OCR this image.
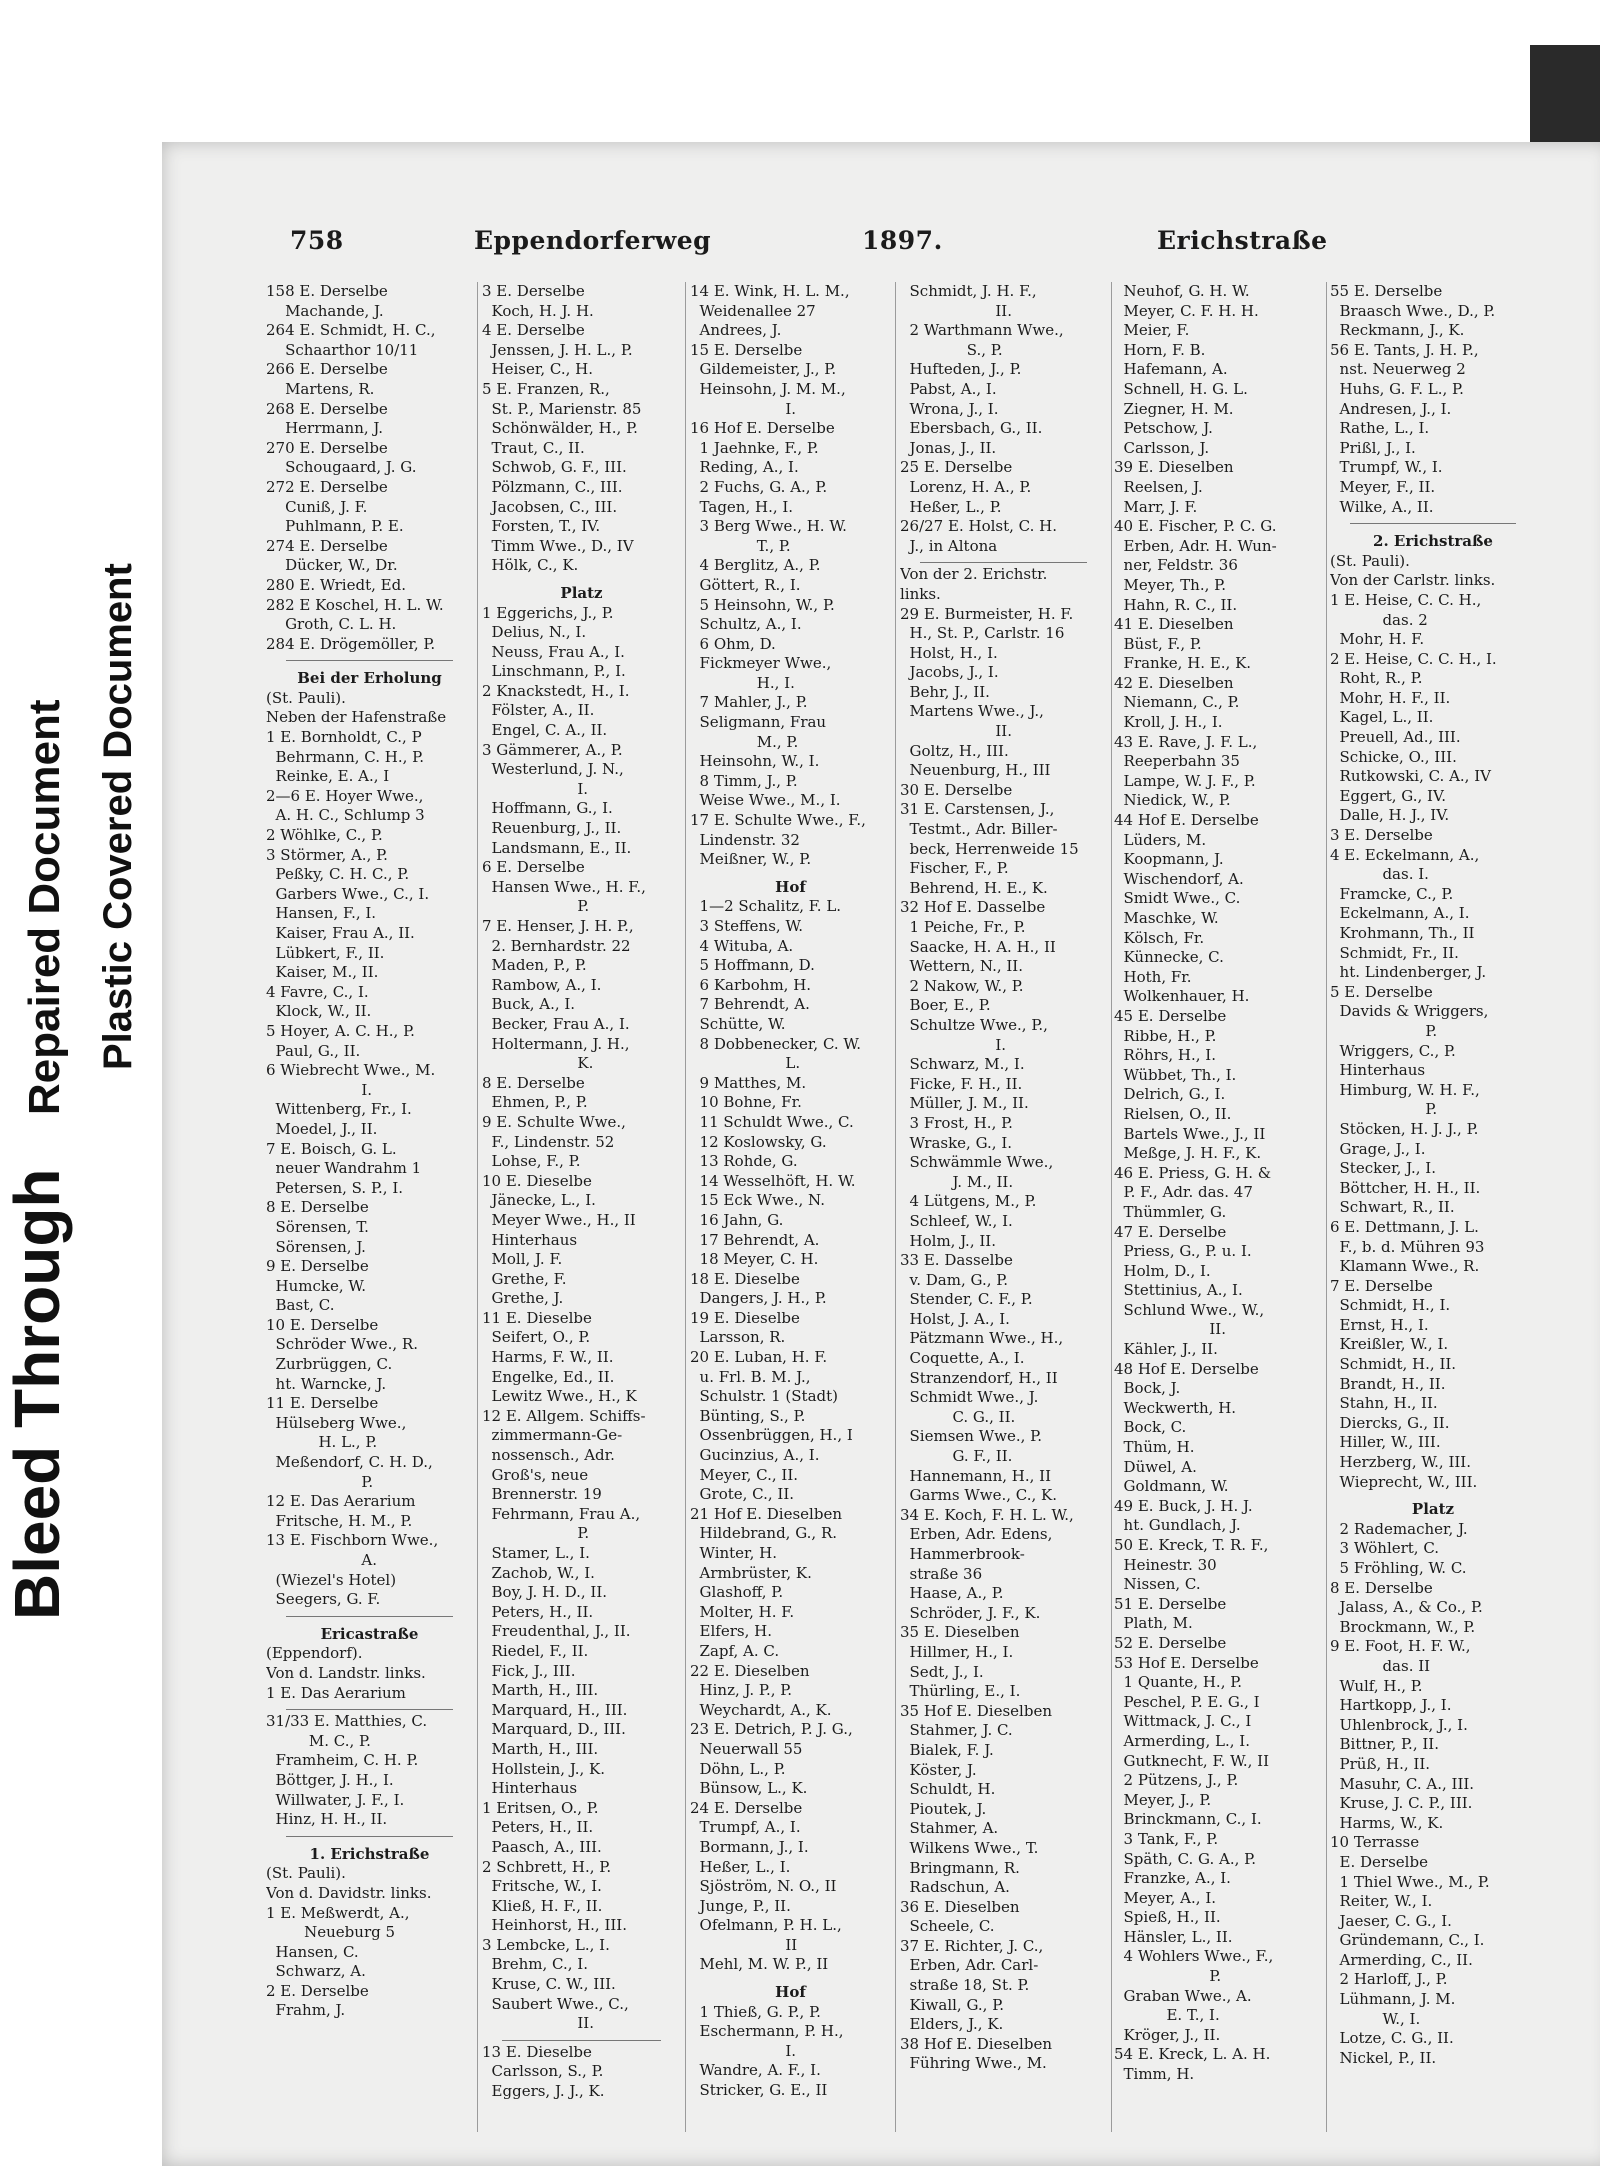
Bleed Through   Repaired Document Plastic Covered Document
758	Eppendorferweg	1897.	Erichstraße
158 E. Derselbe
Machande, J.
264 E. Schmidt, H. C.,
Schaarthor 10/11
266 E. Derselbe
Martens, R.
268 E. Derselbe
Herrmann, J.
270 E. Derselbe
Schougaard, J. G.
272 E. Derselbe
Cuniß, J. F.
Puhlmann, P. E.
274 E. Derselbe
Dücker, W., Dr.
280 E. Wriedt, Ed.
282 E Koschel, H. L. W.
Groth, C. L. H.
284 E. Drögemöller, P.
Bei der Erholung
(St. Pauli).
Neben der Hafenstraße
1 E. Bornholdt, C., P
Behrmann, C. H., P.
Reinke, E. A., I
2—6 E. Hoyer Wwe.,
A. H. C., Schlump 3
2 Wöhlke, C., P.
3 Störmer, A., P.
Peßky, C. H. C., P.
Garbers Wwe., C., I.
Hansen, F., I.
Kaiser, Frau A., II.
Lübkert, F., II.
Kaiser, M., II.
4 Favre, C., I.
Klock, W., II.
5 Hoyer, A. C. H., P.
Paul, G., II.
6 Wiebrecht Wwe., M.
I.
Wittenberg, Fr., I.
Moedel, J., II.
7 E. Boisch, G. L.
neuer Wandrahm 1
Petersen, S. P., I.
8 E. Derselbe
Sörensen, T.
Sörensen, J.
9 E. Derselbe
Humcke, W.
Bast, C.
10 E. Derselbe
Schröder Wwe., R.
Zurbrüggen, C.
ht. Warncke, J.
11 E. Derselbe
Hülseberg Wwe.,
H. L., P.
Meßendorf, C. H. D.,
P.
12 E. Das Aerarium
Fritsche, H. M., P.
13 E. Fischborn Wwe.,
A.
(Wiezel's Hotel)
Seegers, G. F.
Ericastraße
(Eppendorf).
Von d. Landstr. links.
1 E. Das Aerarium
31/33 E. Matthies, C.
M. C., P.
Framheim, C. H. P.
Böttger, J. H., I.
Willwater, J. F., I.
Hinz, H. H., II.
1. Erichstraße
(St. Pauli).
Von d. Davidstr. links.
1 E. Meßwerdt, A.,
Neueburg 5
Hansen, C.
Schwarz, A.
2 E. Derselbe
Frahm, J.
3 E. Derselbe
Koch, H. J. H.
4 E. Derselbe
Jenssen, J. H. L., P.
Heiser, C., H.
5 E. Franzen, R.,
St. P., Marienstr. 85
Schönwälder, H., P.
Traut, C., II.
Schwob, G. F., III.
Pölzmann, C., III.
Jacobsen, C., III.
Forsten, T., IV.
Timm Wwe., D., IV
Hölk, C., K.
Platz
1 Eggerichs, J., P.
Delius, N., I.
Neuss, Frau A., I.
Linschmann, P., I.
2 Knackstedt, H., I.
Fölster, A., II.
Engel, C. A., II.
3 Gämmerer, A., P.
Westerlund, J. N.,
I.
Hoffmann, G., I.
Reuenburg, J., II.
Landsmann, E., II.
6 E. Derselbe
Hansen Wwe., H. F.,
P.
7 E. Henser, J. H. P.,
2. Bernhardstr. 22
Maden, P., P.
Rambow, A., I.
Buck, A., I.
Becker, Frau A., I.
Holtermann, J. H.,
K.
8 E. Derselbe
Ehmen, P., P.
9 E. Schulte Wwe.,
F., Lindenstr. 52
Lohse, F., P.
10 E. Dieselbe
Jänecke, L., I.
Meyer Wwe., H., II
Hinterhaus
Moll, J. F.
Grethe, F.
Grethe, J.
11 E. Dieselbe
Seifert, O., P.
Harms, F. W., II.
Engelke, Ed., II.
Lewitz Wwe., H., K
12 E. Allgem. Schiffs-
zimmermann-Ge-
nossensch., Adr.
Groß's, neue
Brennerstr. 19
Fehrmann, Frau A.,
P.
Stamer, L., I.
Zachob, W., I.
Boy, J. H. D., II.
Peters, H., II.
Freudenthal, J., II.
Riedel, F., II.
Fick, J., III.
Marth, H., III.
Marquard, H., III.
Marquard, D., III.
Marth, H., III.
Hollstein, J., K.
Hinterhaus
1 Eritsen, O., P.
Peters, H., II.
Paasch, A., III.
2 Schbrett, H., P.
Fritsche, W., I.
Kließ, H. F., II.
Heinhorst, H., III.
3 Lembcke, L., I.
Brehm, C., I.
Kruse, C. W., III.
Saubert Wwe., C.,
II.
13 E. Dieselbe
Carlsson, S., P.
Eggers, J. J., K.
14 E. Wink, H. L. M.,
Weidenallee 27
Andrees, J.
15 E. Derselbe
Gildemeister, J., P.
Heinsohn, J. M. M.,
I.
16 Hof E. Derselbe
1 Jaehnke, F., P.
Reding, A., I.
2 Fuchs, G. A., P.
Tagen, H., I.
3 Berg Wwe., H. W.
T., P.
4 Berglitz, A., P.
Göttert, R., I.
5 Heinsohn, W., P.
Schultz, A., I.
6 Ohm, D.
Fickmeyer Wwe.,
H., I.
7 Mahler, J., P.
Seligmann, Frau
M., P.
Heinsohn, W., I.
8 Timm, J., P.
Weise Wwe., M., I.
17 E. Schulte Wwe., F.,
Lindenstr. 32
Meißner, W., P.
Hof
1—2 Schalitz, F. L.
3 Steffens, W.
4 Wituba, A.
5 Hoffmann, D.
6 Karbohm, H.
7 Behrendt, A.
Schütte, W.
8 Dobbenecker, C. W.
L.
9 Matthes, M.
10 Bohne, Fr.
11 Schuldt Wwe., C.
12 Koslowsky, G.
13 Rohde, G.
14 Wesselhöft, H. W.
15 Eck Wwe., N.
16 Jahn, G.
17 Behrendt, A.
18 Meyer, C. H.
18 E. Dieselbe
Dangers, J. H., P.
19 E. Dieselbe
Larsson, R.
20 E. Luban, H. F.
u. Frl. B. M. J.,
Schulstr. 1 (Stadt)
Bünting, S., P.
Ossenbrüggen, H., I
Gucinzius, A., I.
Meyer, C., II.
Grote, C., II.
21 Hof E. Dieselben
Hildebrand, G., R.
Winter, H.
Armbrüster, K.
Glashoff, P.
Molter, H. F.
Elfers, H.
Zapf, A. C.
22 E. Dieselben
Hinz, J. P., P.
Weychardt, A., K.
23 E. Detrich, P. J. G.,
Neuerwall 55
Döhn, L., P.
Bünsow, L., K.
24 E. Derselbe
Trumpf, A., I.
Bormann, J., I.
Heßer, L., I.
Sjöström, N. O., II
Junge, P., II.
Ofelmann, P. H. L.,
II
Mehl, M. W. P., II
Hof
1 Thieß, G. P., P.
Eschermann, P. H.,
I.
Wandre, A. F., I.
Stricker, G. E., II
Schmidt, J. H. F.,
II.
2 Warthmann Wwe.,
S., P.
Hufteden, J., P.
Pabst, A., I.
Wrona, J., I.
Ebersbach, G., II.
Jonas, J., II.
25 E. Derselbe
Lorenz, H. A., P.
Heßer, L., P.
26/27 E. Holst, C. H.
J., in Altona
Von der 2. Erichstr.
links.
29 E. Burmeister, H. F.
H., St. P., Carlstr. 16
Holst, H., I.
Jacobs, J., I.
Behr, J., II.
Martens Wwe., J.,
II.
Goltz, H., III.
Neuenburg, H., III
30 E. Derselbe
31 E. Carstensen, J.,
Testmt., Adr. Biller-
beck, Herrenweide 15
Fischer, F., P.
Behrend, H. E., K.
32 Hof E. Dasselbe
1 Peiche, Fr., P.
Saacke, H. A. H., II
Wettern, N., II.
2 Nakow, W., P.
Boer, E., P.
Schultze Wwe., P.,
I.
Schwarz, M., I.
Ficke, F. H., II.
Müller, J. M., II.
3 Frost, H., P.
Wraske, G., I.
Schwämmle Wwe.,
J. M., II.
4 Lütgens, M., P.
Schleef, W., I.
Holm, J., II.
33 E. Dasselbe
v. Dam, G., P.
Stender, C. F., P.
Holst, J. A., I.
Pätzmann Wwe., H.,
Coquette, A., I.
Stranzendorf, H., II
Schmidt Wwe., J.
C. G., II.
Siemsen Wwe., P.
G. F., II.
Hannemann, H., II
Garms Wwe., C., K.
34 E. Koch, F. H. L. W.,
Erben, Adr. Edens,
Hammerbrook-
straße 36
Haase, A., P.
Schröder, J. F., K.
35 E. Dieselben
Hillmer, H., I.
Sedt, J., I.
Thürling, E., I.
35 Hof E. Dieselben
Stahmer, J. C.
Bialek, F. J.
Köster, J.
Schuldt, H.
Pioutek, J.
Stahmer, A.
Wilkens Wwe., T.
Bringmann, R.
Radschun, A.
36 E. Dieselben
Scheele, C.
37 E. Richter, J. C.,
Erben, Adr. Carl-
straße 18, St. P.
Kiwall, G., P.
Elders, J., K.
38 Hof E. Dieselben
Führing Wwe., M.
Neuhof, G. H. W.
Meyer, C. F. H. H.
Meier, F.
Horn, F. B.
Hafemann, A.
Schnell, H. G. L.
Ziegner, H. M.
Petschow, J.
Carlsson, J.
39 E. Dieselben
Reelsen, J.
Marr, J. F.
40 E. Fischer, P. C. G.
Erben, Adr. H. Wun-
ner, Feldstr. 36
Meyer, Th., P.
Hahn, R. C., II.
41 E. Dieselben
Büst, F., P.
Franke, H. E., K.
42 E. Dieselben
Niemann, C., P.
Kroll, J. H., I.
43 E. Rave, J. F. L.,
Reeperbahn 35
Lampe, W. J. F., P.
Niedick, W., P.
44 Hof E. Derselbe
Lüders, M.
Koopmann, J.
Wischendorf, A.
Smidt Wwe., C.
Maschke, W.
Kölsch, Fr.
Künnecke, C.
Hoth, Fr.
Wolkenhauer, H.
45 E. Derselbe
Ribbe, H., P.
Röhrs, H., I.
Wübbet, Th., I.
Delrich, G., I.
Rielsen, O., II.
Bartels Wwe., J., II
Meßge, J. H. F., K.
46 E. Priess, G. H. &
P. F., Adr. das. 47
Thümmler, G.
47 E. Derselbe
Priess, G., P. u. I.
Holm, D., I.
Stettinius, A., I.
Schlund Wwe., W.,
II.
Kähler, J., II.
48 Hof E. Derselbe
Bock, J.
Weckwerth, H.
Bock, C.
Thüm, H.
Düwel, A.
Goldmann, W.
49 E. Buck, J. H. J.
ht. Gundlach, J.
50 E. Kreck, T. R. F.,
Heinestr. 30
Nissen, C.
51 E. Derselbe
Plath, M.
52 E. Derselbe
53 Hof E. Derselbe
1 Quante, H., P.
Peschel, P. E. G., I
Wittmack, J. C., I
Armerding, L., I.
Gutknecht, F. W., II
2 Pützens, J., P.
Meyer, J., P.
Brinckmann, C., I.
3 Tank, F., P.
Späth, C. G. A., P.
Franzke, A., I.
Meyer, A., I.
Spieß, H., II.
Hänsler, L., II.
4 Wohlers Wwe., F.,
P.
Graban Wwe., A.
E. T., I.
Kröger, J., II.
54 E. Kreck, L. A. H.
Timm, H.
55 E. Derselbe
Braasch Wwe., D., P.
Reckmann, J., K.
56 E. Tants, J. H. P.,
nst. Neuerweg 2
Huhs, G. F. L., P.
Andresen, J., I.
Rathe, L., I.
Prißl, J., I.
Trumpf, W., I.
Meyer, F., II.
Wilke, A., II.
2. Erichstraße
(St. Pauli).
Von der Carlstr. links.
1 E. Heise, C. C. H.,
das. 2
Mohr, H. F.
2 E. Heise, C. C. H., I.
Roht, R., P.
Mohr, H. F., II.
Kagel, L., II.
Preuell, Ad., III.
Schicke, O., III.
Rutkowski, C. A., IV
Eggert, G., IV.
Dalle, H. J., IV.
3 E. Derselbe
4 E. Eckelmann, A.,
das. I.
Framcke, C., P.
Eckelmann, A., I.
Krohmann, Th., II
Schmidt, Fr., II.
ht. Lindenberger, J.
5 E. Derselbe
Davids & Wriggers,
P.
Wriggers, C., P.
Hinterhaus
Himburg, W. H. F.,
P.
Stöcken, H. J. J., P.
Grage, J., I.
Stecker, J., I.
Böttcher, H. H., II.
Schwart, R., II.
6 E. Dettmann, J. L.
F., b. d. Mühren 93
Klamann Wwe., R.
7 E. Derselbe
Schmidt, H., I.
Ernst, H., I.
Kreißler, W., I.
Schmidt, H., II.
Brandt, H., II.
Stahn, H., II.
Diercks, G., II.
Hiller, W., III.
Herzberg, W., III.
Wieprecht, W., III.
Platz
2 Rademacher, J.
3 Wöhlert, C.
5 Fröhling, W. C.
8 E. Derselbe
Jalass, A., & Co., P.
Brockmann, W., P.
9 E. Foot, H. F. W.,
das. II
Wulf, H., P.
Hartkopp, J., I.
Uhlenbrock, J., I.
Bittner, P., II.
Prüß, H., II.
Masuhr, C. A., III.
Kruse, J. C. P., III.
Harms, W., K.
10 Terrasse
E. Derselbe
1 Thiel Wwe., M., P.
Reiter, W., I.
Jaeser, C. G., I.
Gründemann, C., I.
Armerding, C., II.
2 Harloff, J., P.
Lühmann, J. M.
W., I.
Lotze, C. G., II.
Nickel, P., II.
